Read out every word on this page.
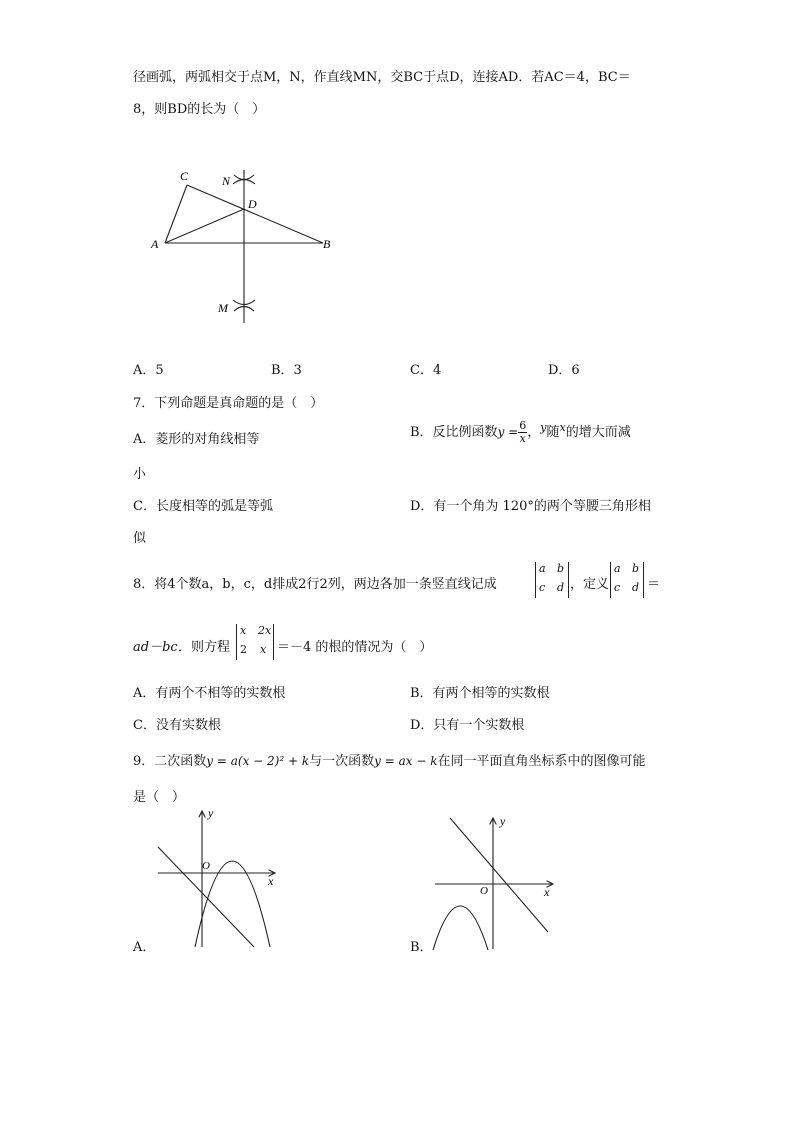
径画弧，两弧相交于点M，N，作直线MN，交BC于点D，连接AD．若AC＝4，BC＝
8，则BD的长为（　）
C	N
D
A	B
M
A．5	B．3	C．4	D．6
7．下列命题是真命题的是（　）
A．菱形的对角线相等	B．反比例函数$y = \frac{6}{x}$ ，$^y$随$^x$的增大而减
小
C．长度相等的弧是等弧	D．有一个角为 120°的两个等腰三角形相
似
8．将4个数a，b，c，d排成2行2列，两边各加一条竖直线记成
a b
c d ，定义
a b
c d ＝
ad－bc ．则方程
x 2x
2 x ＝－4 的根的情况为（　）
A．有两个不相等的实数根	B．有两个相等的实数根
C．没有实数根	D．只有一个实数根
9．二次函数y = a(x − 2)² + k与一次函数y = ax − k在同一平面直角坐标系中的图像可能
是（　）
y
x
O
A．
y
x
O
B．
